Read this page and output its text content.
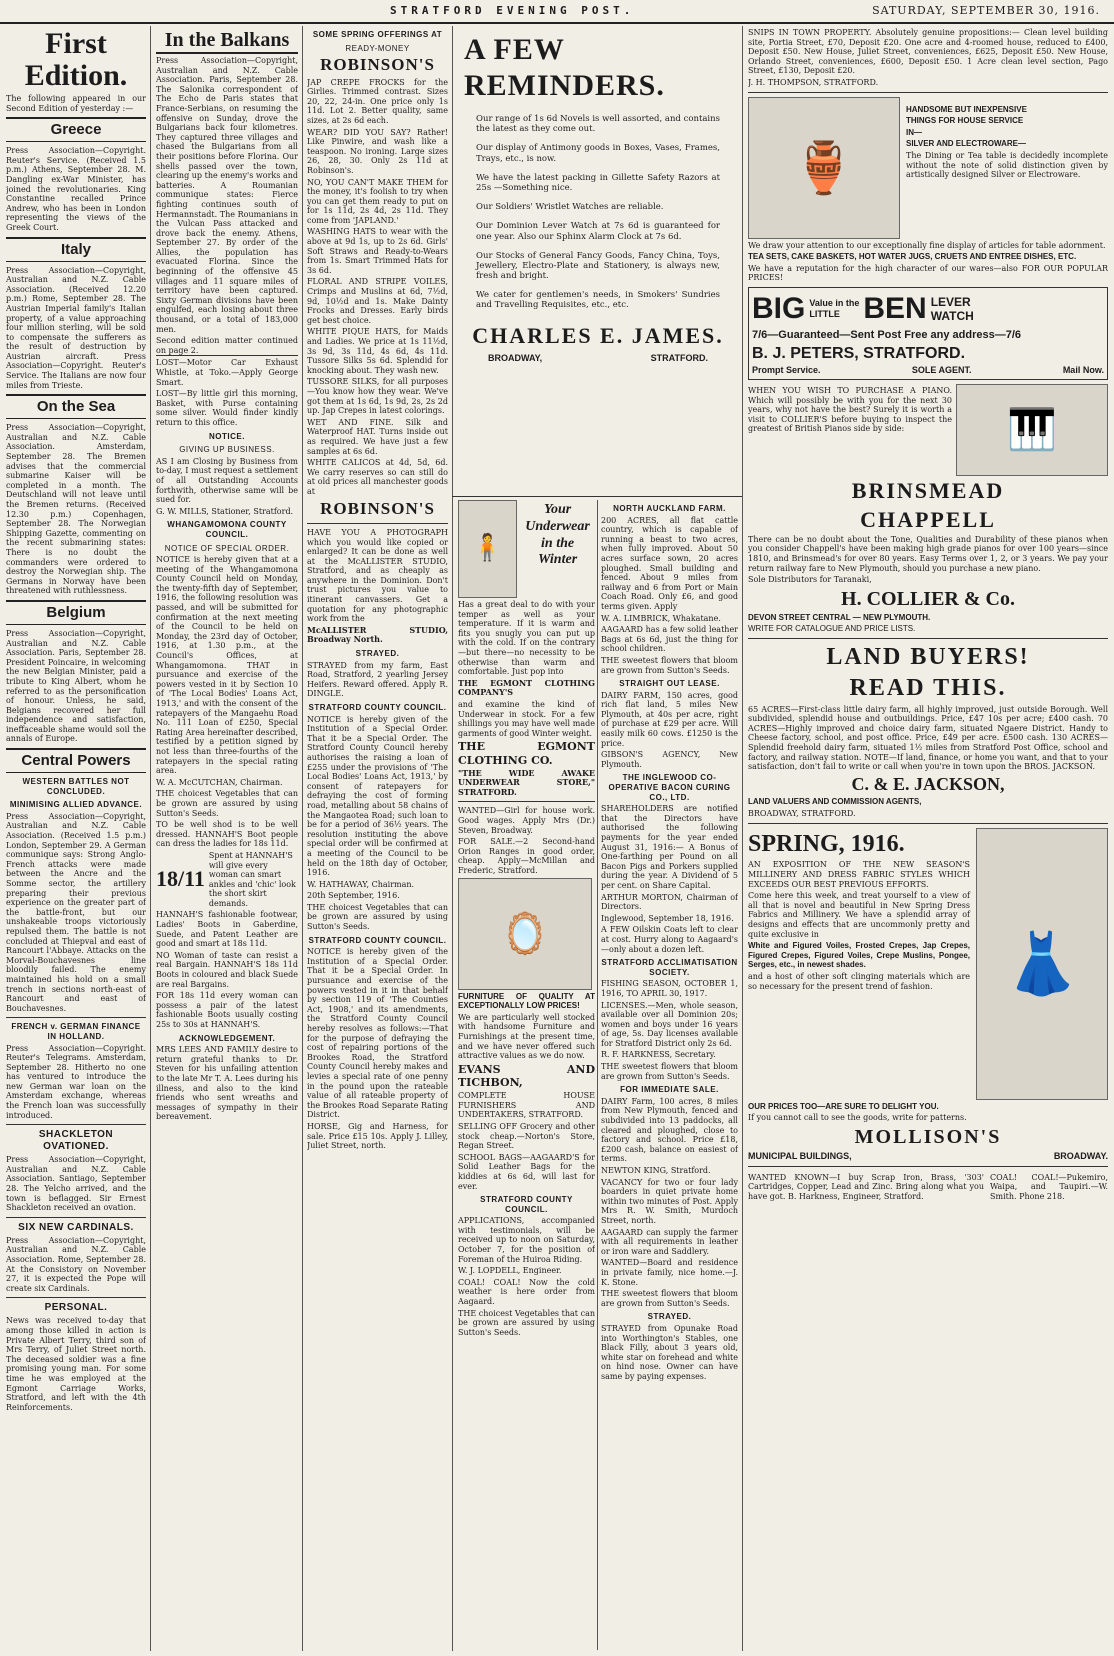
STRATFORD EVENING POST.	SATURDAY, SEPTEMBER 30, 1916.
First Edition.

The following appeared in our Second Edition of yesterday :—

Greece

Press Association—Copyright. Reuter's Service. (Received 1.5 p.m.) Athens, September 28. M. Dangling ex-War Minister, has joined the revolutionaries. King Constantine recalled Prince Andrew, who has been in London representing the views of the Greek Court.

Italy

Press Association—Copyright, Australian and N.Z. Cable Association. (Received 12.20 p.m.) Rome, September 28. The Austrian Imperial family's Italian property, of a value approaching four million sterling, will be sold to compensate the sufferers as the result of destruction by Austrian aircraft. Press Association—Copyright. Reuter's Service. The Italians are now four miles from Trieste.

On the Sea

Press Association—Copyright, Australian and N.Z. Cable Association. Amsterdam, September 28. The Bremen advises that the commercial submarine Kaiser will be completed in a month. The Deutschland will not leave until the Bremen returns. (Received 12.30 p.m.) Copenhagen, September 28. The Norwegian Shipping Gazette, commenting on the recent submarining states: There is no doubt the commanders were ordered to destroy the Norwegian ship. The Germans in Norway have been threatened with ruthlessness.

Belgium

Press Association—Copyright, Australian and N.Z. Cable Association. Paris, September 28. President Poincaire, in welcoming the new Belgian Minister, paid a tribute to King Albert, whom he referred to as the personification of honour. Unless, he said, Belgians recovered her full independence and satisfaction, ineffaceable shame would soil the annals of Europe.

Central Powers
WESTERN BATTLES NOT CONCLUDED.
MINIMISING ALLIED ADVANCE.

Press Association—Copyright, Australian and N.Z. Cable Association. (Received 1.5 p.m.) London, September 29. A German communique says: Strong Anglo-French attacks were made between the Ancre and the Somme sector, the artillery preparing their previous experience on the greater part of the battle-front, but our unshakeable troops victoriously repulsed them. The battle is not concluded at Thiepval and east of Rancourt l'Abbaye. Attacks on the Morval-Bouchavesnes line bloodily failed. The enemy maintained his hold on a small trench in sections north-east of Rancourt and east of Bouchavesnes.

FRENCH v. GERMAN FINANCE IN HOLLAND.

Press Association—Copyright. Reuter's Telegrams. Amsterdam, September 28. Hitherto no one has ventured to introduce the new German war loan on the Amsterdam exchange, whereas the French loan was successfully introduced.

SHACKLETON OVATIONED.

Press Association—Copyright, Australian and N.Z. Cable Association. Santiago, September 28. The Yelcho arrived, and the town is beflagged. Sir Ernest Shackleton received an ovation.

SIX NEW CARDINALS.

Press Association—Copyright, Australian and N.Z. Cable Association. Rome, September 28. At the Consistory on November 27, it is expected the Pope will create six Cardinals.

PERSONAL.

News was received to-day that among those killed in action is Private Albert Terry, third son of Mrs Terry, of Juliet Street north. The deceased soldier was a fine promising young man. For some time he was employed at the Egmont Carriage Works, Stratford, and left with the 4th Reinforcements.

In the Balkans

Press Association—Copyright, Australian and N.Z. Cable Association. Paris, September 28. The Salonika correspondent of The Echo de Paris states that France-Serbians, on resuming the offensive on Sunday, drove the Bulgarians back four kilometres. They captured three villages and chased the Bulgarians from all their positions before Florina. Our shells passed over the town, clearing up the enemy's works and batteries. A Roumanian communique states: Fierce fighting continues south of Hermannstadt. The Roumanians in the Vulcan Pass attacked and drove back the enemy. Athens, September 27. By order of the Allies, the population has evacuated Florina. Since the beginning of the offensive 45 villages and 11 square miles of territory have been captured. Sixty German divisions have been engulfed, each losing about three thousand, or a total of 183,000 men.

Second edition matter continued on page 2.

LOST—Motor Car Exhaust Whistle, at Toko.—Apply George Smart.

LOST—By little girl this morning, Basket, with Purse containing some silver. Would finder kindly return to this office.

NOTICE.
GIVING UP BUSINESS.

AS I am Closing by Business from to-day, I must request a settlement of all Outstanding Accounts forthwith, otherwise same will be sued for.

G. W. MILLS, Stationer, Stratford.

WHANGAMOMONA COUNTY COUNCIL.
NOTICE OF SPECIAL ORDER.

NOTICE is hereby given that at a meeting of the Whangamomona County Council held on Monday, the twenty-fifth day of September, 1916, the following resolution was passed, and will be submitted for confirmation at the next meeting of the Council to be held on Monday, the 23rd day of October, 1916, at 1.30 p.m., at the Council's Offices, at Whangamomona. THAT in pursuance and exercise of the powers vested in it by Section 10 of 'The Local Bodies' Loans Act, 1913,' and with the consent of the ratepayers of the Mangaehu Road No. 111 Loan of £250, Special Rating Area hereinafter described, testified by a petition signed by not less than three-fourths of the ratepayers in the special rating area.

W. A. McCUTCHAN, Chairman.

THE choicest Vegetables that can be grown are assured by using Sutton's Seeds.

TO be well shod is to be well dressed. HANNAH'S Boot people can dress the ladies for 18s 11d.

18/11
Spent at HANNAH'S will give every woman can smart ankles and 'chic' look the short skirt demands.

HANNAH'S fashionable footwear, Ladies' Boots in Gaberdine, Suede, and Patent Leather are good and smart at 18s 11d.

NO Woman of taste can resist a real Bargain. HANNAH'S 18s 11d Boots in coloured and black Suede are real Bargains.

FOR 18s 11d every woman can possess a pair of the latest fashionable Boots usually costing 25s to 30s at HANNAH'S.

ACKNOWLEDGEMENT.

MRS LEES AND FAMILY desire to return grateful thanks to Dr. Steven for his unfailing attention to the late Mr T. A. Lees during his illness, and also to the kind friends who sent wreaths and messages of sympathy in their bereavement.

SOME SPRING OFFERINGS AT
READY-MONEY
ROBINSON'S

JAP CREPE FROCKS for the Girlies. Trimmed contrast. Sizes 20, 22, 24-in. One price only 1s 11d. Lot 2. Better quality, same sizes, at 2s 6d each.

WEAR? DID YOU SAY? Rather! Like Pinwire, and wash like a teaspoon. No ironing. Large sizes 26, 28, 30. Only 2s 11d at Robinson's.

NO, YOU CAN'T MAKE THEM for the money, it's foolish to try when you can get them ready to put on for 1s 11d, 2s 4d, 2s 11d. They come from 'JAPLAND.'

WASHING HATS to wear with the above at 9d 1s, up to 2s 6d. Girls' Soft Straws and Ready-to-Wears from 1s. Smart Trimmed Hats for 3s 6d.

FLORAL AND STRIPE VOILES, Crimps and Muslins at 6d, 7½d, 9d, 10½d and 1s. Make Dainty Frocks and Dresses. Early birds get best choice.

WHITE PIQUE HATS, for Maids and Ladies. We price at 1s 11½d, 3s 9d, 3s 11d, 4s 6d, 4s 11d. Tussore Silks 5s 6d. Splendid for knocking about. They wash new.

TUSSORE SILKS, for all purposes—You know how they wear. We've got them at 1s 6d, 1s 9d, 2s, 2s 2d up. Jap Crepes in latest colorings.

WET AND FINE. Silk and Waterproof HAT. Turns inside out as required. We have just a few samples at 6s 6d.

WHITE CALICOS at 4d, 5d, 6d. We carry reserves so can still do at old prices all manchester goods at

ROBINSON'S

HAVE YOU A PHOTOGRAPH which you would like copied or enlarged? It can be done as well at the McALLISTER STUDIO, Stratford, and as cheaply as anywhere in the Dominion. Don't trust pictures you value to itinerant canvassers. Get a quotation for any photographic work from the

McALLISTER STUDIO, Broadway North.

STRAYED.

STRAYED from my farm, East Road, Stratford, 2 yearling Jersey Heifers. Reward offered. Apply R. DINGLE.

STRATFORD COUNTY COUNCIL.

NOTICE is hereby given of the Institution of a Special Order. That it be a Special Order. The Stratford County Council hereby authorises the raising a loan of £255 under the provisions of 'The Local Bodies' Loans Act, 1913,' by consent of ratepayers for defraying the cost of forming road, metalling about 58 chains of the Mangaotea Road; such loan to be for a period of 36½ years. The resolution instituting the above special order will be confirmed at a meeting of the Council to be held on the 18th day of October, 1916.

W. HATHAWAY, Chairman.

20th September, 1916.

THE choicest Vegetables that can be grown are assured by using Sutton's Seeds.

STRATFORD COUNTY COUNCIL.

NOTICE is hereby given of the Institution of a Special Order. That it be a Special Order. In pursuance and exercise of the powers vested in it in that behalf by section 119 of 'The Counties Act, 1908,' and its amendments, the Stratford County Council hereby resolves as follows:—That for the purpose of defraying the cost of repairing portions of the Brookes Road, the Stratford County Council hereby makes and levies a special rate of one penny in the pound upon the rateable value of all rateable property of the Brookes Road Separate Rating District.

HORSE, Gig and Harness, for sale. Price £15 10s. Apply J. Lilley, Juliet Street, north.

A FEW REMINDERS.

Our range of 1s 6d Novels is well assorted, and contains the latest as they come out.

Our display of Antimony goods in Boxes, Vases, Frames, Trays, etc., is now.

We have the latest packing in Gillette Safety Razors at 25s —Something nice.

Our Soldiers' Wristlet Watches are reliable.

Our Dominion Lever Watch at 7s 6d is guaranteed for one year. Also our Sphinx Alarm Clock at 7s 6d.

Our Stocks of General Fancy Goods, Fancy China, Toys, Jewellery, Electro-Plate and Stationery, is always new, fresh and bright.

We cater for gentlemen's needs, in Smokers' Sundries and Travelling Requisites, etc., etc.

CHARLES E. JAMES.
BROADWAY,	STRATFORD.
🧍
Your Underwear in the Winter

Has a great deal to do with your temper as well as your temperature. If it is warm and fits you snugly you can put up with the cold. If on the contrary—but there—no necessity to be otherwise than warm and comfortable. Just pop into

THE EGMONT CLOTHING COMPANY'S

and examine the kind of Underwear in stock. For a few shillings you may have well made garments of good Winter weight.

THE EGMONT CLOTHING CO.

"THE WIDE AWAKE UNDERWEAR STORE," STRATFORD.

WANTED—Girl for house work. Good wages. Apply Mrs (Dr.) Steven, Broadway.

FOR SALE.—2 Second-hand Orion Ranges in good order, cheap. Apply—McMillan and Frederic, Stratford.

🪞

FURNITURE OF QUALITY AT EXCEPTIONALLY LOW PRICES!

We are particularly well stocked with handsome Furniture and Furnishings at the present time, and we have never offered such attractive values as we do now.

EVANS AND TICHBON,

COMPLETE HOUSE FURNISHERS AND UNDERTAKERS, STRATFORD.

SELLING OFF Grocery and other stock cheap.—Norton's Store, Regan Street.

SCHOOL BAGS—AAGAARD'S for Solid Leather Bags for the kiddies at 6s 6d, will last for ever.

STRATFORD COUNTY COUNCIL.

APPLICATIONS, accompanied with testimonials, will be received up to noon on Saturday, October 7, for the position of Foreman of the Huiroa Riding.

W. J. LOPDELL, Engineer.

COAL! COAL! Now the cold weather is here order from Aagaard.

THE choicest Vegetables that can be grown are assured by using Sutton's Seeds.

NORTH AUCKLAND FARM.

200 ACRES, all flat cattle country, which is capable of running a beast to two acres, when fully improved. About 50 acres surface sown, 20 acres ploughed. Small building and fenced. About 9 miles from railway and 6 from Port or Main Coach Road. Only £6, and good terms given. Apply

W. A. LIMBRICK, Whakatane.

AAGAARD has a few solid leather Bags at 6s 6d, just the thing for school children.

THE sweetest flowers that bloom are grown from Sutton's Seeds.

STRAIGHT OUT LEASE.

DAIRY FARM, 150 acres, good rich flat land, 5 miles New Plymouth, at 40s per acre, right of purchase at £29 per acre. Will easily milk 60 cows. £1250 is the price.

GIBSON'S AGENCY, New Plymouth.

THE INGLEWOOD CO-OPERATIVE BACON CURING CO., LTD.

SHAREHOLDERS are notified that the Directors have authorised the following payments for the year ended August 31, 1916:— A Bonus of One-farthing per Pound on all Bacon Pigs and Porkers supplied during the year. A Dividend of 5 per cent. on Share Capital.

ARTHUR MORTON, Chairman of Directors.

Inglewood, September 18, 1916.

A FEW Oilskin Coats left to clear at cost. Hurry along to Aagaard's—only about a dozen left.

STRATFORD ACCLIMATISATION SOCIETY.

FISHING SEASON, OCTOBER 1, 1916, TO APRIL 30, 1917.

LICENSES.—Men, whole season, available over all Dominion 20s; women and boys under 16 years of age, 5s. Day licenses available for Stratford District only 2s 6d.

R. F. HARKNESS, Secretary.

THE sweetest flowers that bloom are grown from Sutton's Seeds.

FOR IMMEDIATE SALE.

DAIRY Farm, 100 acres, 8 miles from New Plymouth, fenced and subdivided into 13 paddocks, all cleared and ploughed, close to factory and school. Price £18, £200 cash, balance on easiest of terms.

NEWTON KING, Stratford.

VACANCY for two or four lady boarders in quiet private home within two minutes of Post. Apply Mrs R. W. Smith, Murdoch Street, north.

AAGAARD can supply the farmer with all requirements in leather or iron ware and Saddlery.

WANTED—Board and residence in private family, nice home.—J. K. Stone.

THE sweetest flowers that bloom are grown from Sutton's Seeds.

STRAYED.

STRAYED from Opunake Road into Worthington's Stables, one Black Filly, about 3 years old, white star on forehead and white on hind nose. Owner can have same by paying expenses.

SNIPS IN TOWN PROPERTY. Absolutely genuine propositions:— Clean level building site, Portia Street, £70, Deposit £20. One acre and 4-roomed house, reduced to £400, Deposit £50. New House, Juliet Street, conveniences, £625, Deposit £50. New House, Orlando Street, conveniences, £600, Deposit £50. 1 Acre clean level section, Pago Street, £130, Deposit £20.

J. H. THOMPSON, STRATFORD.

🏺

HANDSOME BUT INEXPENSIVE

THINGS FOR HOUSE SERVICE

IN—

SILVER AND ELECTROWARE—

The Dining or Tea table is decidedly incomplete without the note of solid distinction given by artistically designed Silver or Electroware.

We draw your attention to our exceptionally fine display of articles for table adornment.

TEA SETS, CAKE BASKETS, HOT WATER JUGS, CRUETS AND ENTREE DISHES, ETC.

We have a reputation for the high character of our wares—also FOR OUR POPULAR PRICES!

BIG Value in the
LITTLE BEN LEVER WATCH

7/6—Guaranteed—Sent Post Free any address—7/6

B. J. PETERS, STRATFORD.

Prompt Service.	SOLE AGENT.	Mail Now.

WHEN YOU WISH TO PURCHASE A PIANO. Which will possibly be with you for the next 30 years, why not have the best? Surely it is worth a visit to COLLIER'S before buying to inspect the greatest of British Pianos side by side:	🎹
BRINSMEAD
CHAPPELL

There can be no doubt about the Tone, Qualities and Durability of these pianos when you consider Chappell's have been making high grade pianos for over 100 years—since 1810, and Brinsmead's for over 80 years. Easy Terms over 1, 2, or 3 years. We pay your return railway fare to New Plymouth, should you purchase a new piano.

Sole Distributors for Taranaki,

H. COLLIER & Co.

DEVON STREET CENTRAL — NEW PLYMOUTH.

WRITE FOR CATALOGUE AND PRICE LISTS.

LAND BUYERS!
READ THIS.

65 ACRES—First-class little dairy farm, all highly improved, just outside Borough. Well subdivided, splendid house and outbuildings. Price, £47 10s per acre; £400 cash. 70 ACRES—Highly improved and choice dairy farm, situated Ngaere District. Handy to Cheese factory, school, and post office. Price, £49 per acre. £500 cash. 130 ACRES—Splendid freehold dairy farm, situated 1½ miles from Stratford Post Office, school and factory, and railway station. NOTE—If land, finance, or home you want, and that to your satisfaction, don't fail to write or call when you're in town upon the BROS. JACKSON.

C. & E. JACKSON,

LAND VALUERS AND COMMISSION AGENTS,

BROADWAY, STRATFORD.

SPRING, 1916.

AN EXPOSITION OF THE NEW SEASON'S MILLINERY AND DRESS FABRIC STYLES WHICH EXCEEDS OUR BEST PREVIOUS EFFORTS.

Come here this week, and treat yourself to a view of all that is novel and beautiful in New Spring Dress Fabrics and Millinery. We have a splendid array of designs and effects that are uncommonly pretty and quite exclusive in

White and Figured Voiles, Frosted Crepes, Jap Crepes, Figured Crepes, Figured Voiles, Crepe Muslins, Pongee, Serges, etc., in newest shades.

and a host of other soft clinging materials which are so necessary for the present trend of fashion.	👗

OUR PRICES TOO—ARE SURE TO DELIGHT YOU.

If you cannot call to see the goods, write for patterns.

MOLLISON'S
MUNICIPAL BUILDINGS,	BROADWAY.

WANTED KNOWN—I buy Scrap Iron, Brass, '303' Cartridges, Copper, Lead and Zinc. Bring along what you have got. B. Harkness, Engineer, Stratford.

COAL! COAL!—Pukemiro, Waipa, and Taupiri.—W. Smith. Phone 218.
